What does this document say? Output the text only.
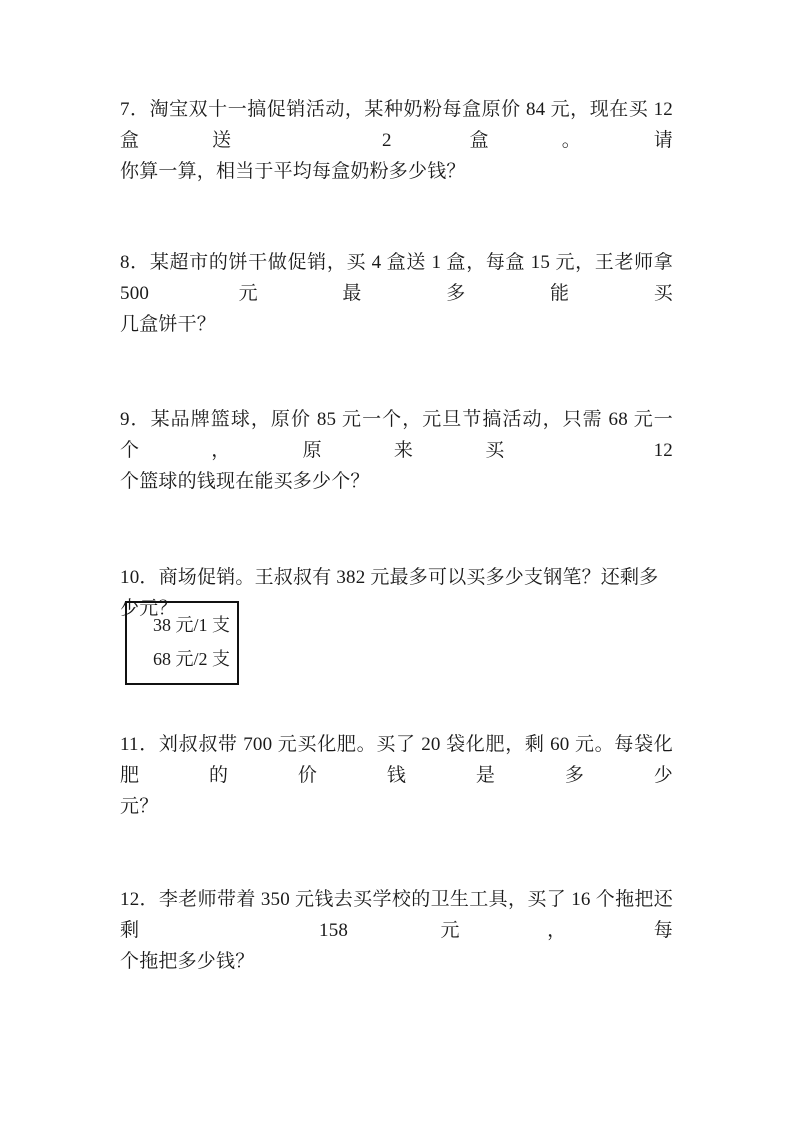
7．淘宝双十一搞促销活动，某种奶粉每盒原价 84 元，现在买 12 盒送 2 盒。请
你算一算，相当于平均每盒奶粉多少钱？
8．某超市的饼干做促销，买 4 盒送 1 盒，每盒 15 元，王老师拿 500 元最多能买
几盒饼干？
9．某品牌篮球，原价 85 元一个，元旦节搞活动，只需 68 元一个，原来买 12
个篮球的钱现在能买多少个？
10．商场促销。王叔叔有 382 元最多可以买多少支钢笔？还剩多少元？
38 元/1 支
68 元/2 支
11．刘叔叔带 700 元买化肥。买了 20 袋化肥，剩 60 元。每袋化肥的价钱是多少
元？
12．李老师带着 350 元钱去买学校的卫生工具，买了 16 个拖把还剩 158 元，每
个拖把多少钱？
